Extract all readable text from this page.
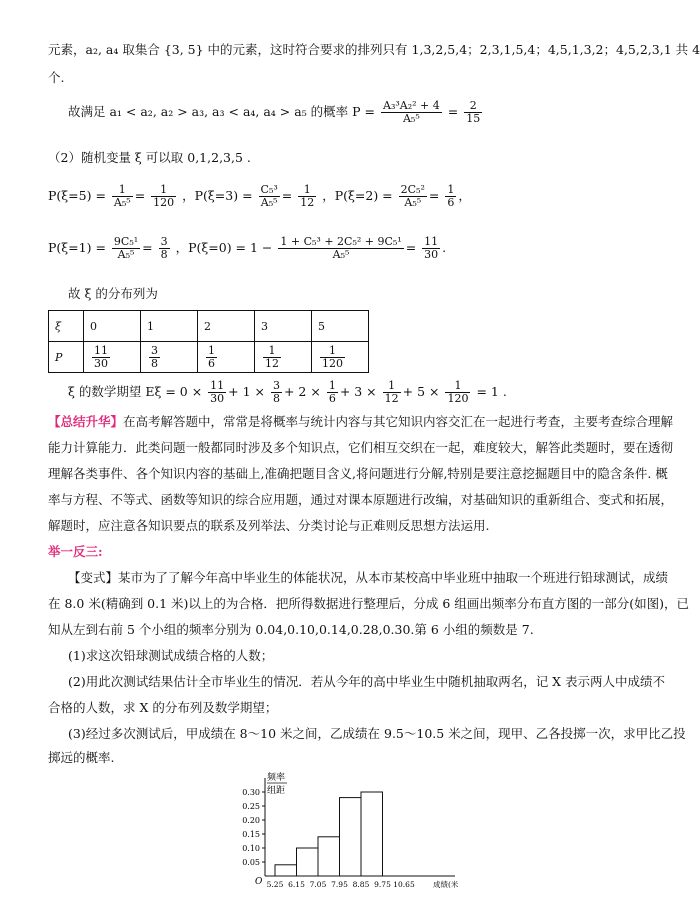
元素，a₂, a₄ 取集合 {3, 5} 中的元素，这时符合要求的排列只有 1,3,2,5,4；2,3,1,5,4；4,5,1,3,2；4,5,2,3,1 共 4
个.
故满足 a₁ < a₂, a₂ > a₃, a₃ < a₄, a₄ > a₅ 的概率 $P = \frac{\text{A₃³A₂² + 4}}{\text{A₅⁵}} = \frac{2}{15}$
（2）随机变量 ξ 可以取 0,1,2,3,5 .
$P(\xi=5) = \frac{1}{\text{A₅⁵}} = \frac{1}{120}$ ，$P(\xi=3) = \frac{\text{C₅³}}{\text{A₅⁵}} = \frac{1}{12}$ ，$P(\xi=2) = \frac{\text{2C₅²}}{\text{A₅⁵}} = \frac{1}{6}$ ，
$P(\xi=1) = \frac{\text{9C₅¹}}{\text{A₅⁵}} = \frac{3}{8}$ ，$P(\xi=0) = 1 - \frac{\text{1 + C₅³ + 2C₅² + 9C₅¹}}{\text{A₅⁵}} = \frac{11}{30}$ .
故 ξ 的分布列为
ξ	0	1	2	3	5
P	$\frac{11}{30}$	$\frac{3}{8}$	$\frac{1}{6}$	$\frac{1}{12}$	$\frac{1}{120}$
ξ 的数学期望 $E\xi = 0 \times \frac{11}{30} + 1 \times \frac{3}{8} + 2 \times \frac{1}{6} + 3 \times \frac{1}{12} + 5 \times \frac{1}{120} = 1$ .
【总结升华】在高考解答题中，常常是将概率与统计内容与其它知识内容交汇在一起进行考查，主要考查综合理解
能力计算能力．此类问题一般都同时涉及多个知识点，它们相互交织在一起，难度较大，解答此类题时，要在透彻
理解各类事件、各个知识内容的基础上,准确把题目含义,将问题进行分解,特别是要注意挖掘题目中的隐含条件. 概
率与方程、不等式、函数等知识的综合应用题，通过对课本原题进行改编，对基础知识的重新组合、变式和拓展，
解题时，应注意各知识要点的联系及列举法、分类讨论与正难则反思想方法运用.
举一反三:
【变式】某市为了了解今年高中毕业生的体能状况，从本市某校高中毕业班中抽取一个班进行铅球测试，成绩
在 8.0 米(精确到 0.1 米)以上的为合格．把所得数据进行整理后，分成 6 组画出频率分布直方图的一部分(如图)，已
知从左到右前 5 个小组的频率分别为 0.04,0.10,0.14,0.28,0.30.第 6 小组的频数是 7.
(1)求这次铅球测试成绩合格的人数；
(2)用此次测试结果估计全市毕业生的情况．若从今年的高中毕业生中随机抽取两名，记 X 表示两人中成绩不
合格的人数，求 X 的分布列及数学期望；
(3)经过多次测试后，甲成绩在 8～10 米之间，乙成绩在 9.5～10.5 米之间，现甲、乙各投掷一次，求甲比乙投
0.30
0.25
0.20
0.15
0.10
0.05
频率
组距
5.25 6.15 7.05 7.95 8.85 9.75 10.65
O	成绩(米
掷远的概率.
